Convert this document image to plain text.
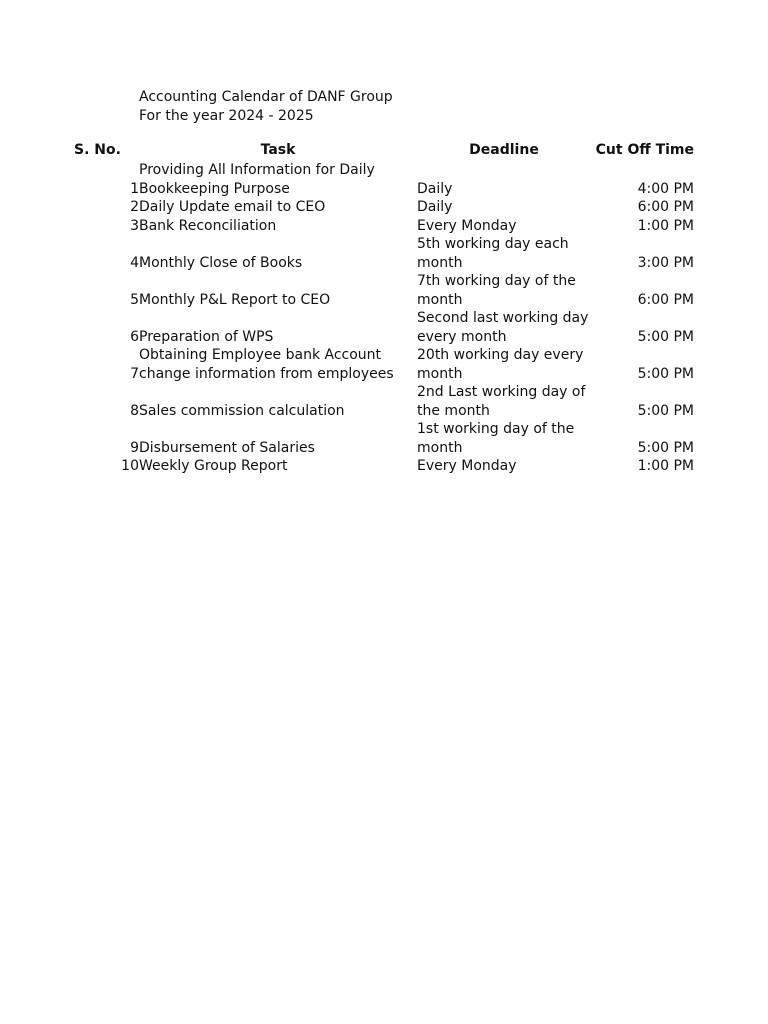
Accounting Calendar of DANF Group
For the year 2024 - 2025
S. No.	Task	Deadline	Cut Off Time
1	Providing All Information for Daily
Bookkeeping Purpose	Daily	4:00 PM
2	Daily Update email to CEO	Daily	6:00 PM
3	Bank Reconciliation	Every Monday	1:00 PM
4	Monthly Close of Books	5th working day each
month	3:00 PM
5	Monthly P&L Report to CEO	7th working day of the
month	6:00 PM
6	Preparation of WPS	Second last working day
every month	5:00 PM
7	Obtaining Employee bank Account
change information from employees	20th working day every
month	5:00 PM
8	Sales commission calculation	2nd Last working day of
the month	5:00 PM
9	Disbursement of Salaries	1st working day of the
month	5:00 PM
10	Weekly Group Report	Every Monday	1:00 PM
